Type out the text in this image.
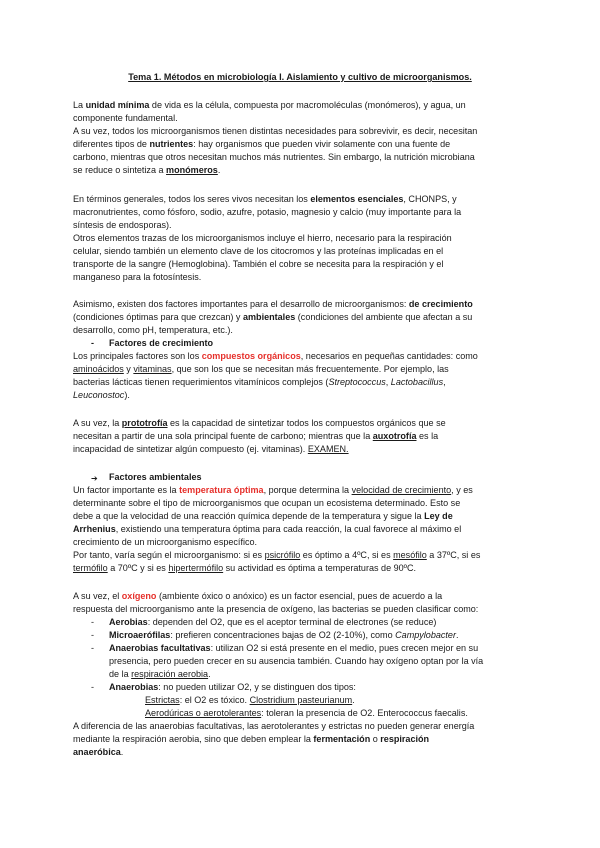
Tema 1. Métodos en microbiología I. Aislamiento y cultivo de microorganismos.
La unidad mínima de vida es la célula, compuesta por macromoléculas (monómeros), y agua, un
componente fundamental.
A su vez, todos los microorganismos tienen distintas necesidades para sobrevivir, es decir, necesitan
diferentes tipos de nutrientes: hay organismos que pueden vivir solamente con una fuente de
carbono, mientras que otros necesitan muchos más nutrientes. Sin embargo, la nutrición microbiana
se reduce o sintetiza a monómeros.
En términos generales, todos los seres vivos necesitan los elementos esenciales, CHONPS, y
macronutrientes, como fósforo, sodio, azufre, potasio, magnesio y calcio (muy importante para la
síntesis de endosporas).
Otros elementos trazas de los microorganismos incluye el hierro, necesario para la respiración
celular, siendo también un elemento clave de los citocromos y las proteínas implicadas en el
transporte de la sangre (Hemoglobina). También el cobre se necesita para la respiración y el
manganeso para la fotosíntesis.
Asimismo, existen dos factores importantes para el desarrollo de microorganismos: de crecimiento
(condiciones óptimas para que crezcan) y ambientales (condiciones del ambiente que afectan a su
desarrollo, como pH, temperatura, etc.).
- Factores de crecimiento
Los principales factores son los compuestos orgánicos, necesarios en pequeñas cantidades: como
aminoácidos y vitaminas, que son los que se necesitan más frecuentemente. Por ejemplo, las
bacterias lácticas tienen requerimientos vitamínicos complejos (Streptococcus, Lactobacillus,
Leuconostoc).
A su vez, la prototrofía es la capacidad de sintetizar todos los compuestos orgánicos que se
necesitan a partir de una sola principal fuente de carbono; mientras que la auxotrofía es la
incapacidad de sintetizar algún compuesto (ej. vitaminas). EXAMEN.
➔ Factores ambientales
Un factor importante es la temperatura óptima, porque determina la velocidad de crecimiento, y es
determinante sobre el tipo de microorganismos que ocupan un ecosistema determinado. Esto se
debe a que la velocidad de una reacción química depende de la temperatura y sigue la Ley de
Arrhenius, existiendo una temperatura óptima para cada reacción, la cual favorece al máximo el
crecimiento de un microorganismo específico.
Por tanto, varía según el microorganismo: si es psicrófilo es óptimo a 4ºC, si es mesófilo a 37ºC, si es
termófilo a 70ºC y si es hipertermófilo su actividad es óptima a temperaturas de 90ºC.
A su vez, el oxígeno (ambiente óxico o anóxico) es un factor esencial, pues de acuerdo a la
respuesta del microorganismo ante la presencia de oxígeno, las bacterias se pueden clasificar como:
- Aerobias: dependen del O2, que es el aceptor terminal de electrones (se reduce)
- Microaerófilas: prefieren concentraciones bajas de O2 (2-10%), como Campylobacter.
- Anaerobias facultativas: utilizan O2 si está presente en el medio, pues crecen mejor en su
presencia, pero pueden crecer en su ausencia también. Cuando hay oxígeno optan por la vía
de la respiración aerobia.
- Anaerobias: no pueden utilizar O2, y se distinguen dos tipos:
Estrictas: el O2 es tóxico. Clostridium pasteurianum.
Aerodúricas o aerotolerantes: toleran la presencia de O2. Enterococcus faecalis.
A diferencia de las anaerobias facultativas, las aerotolerantes y estrictas no pueden generar energía
mediante la respiración aerobia, sino que deben emplear la fermentación o respiración
anaeróbica.
